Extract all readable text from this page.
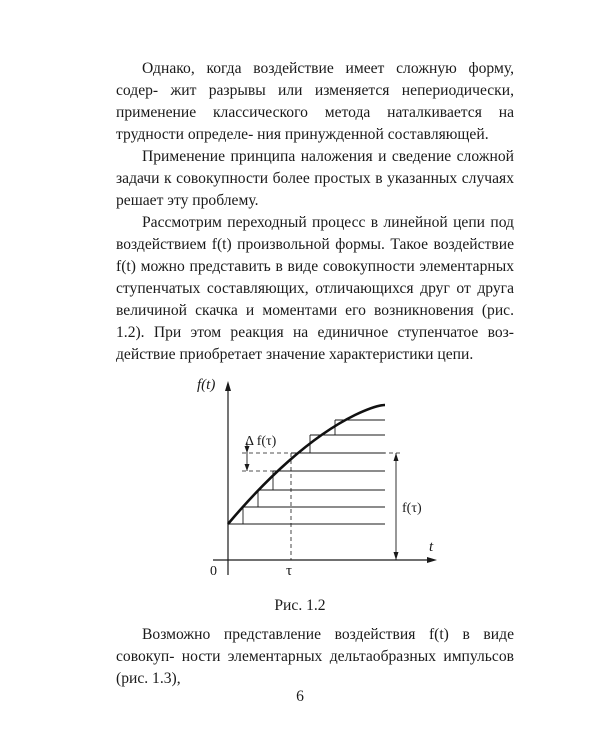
Однако, когда воздействие имеет сложную форму, содер- жит разрывы или изменяется непериодически, применение классического метода наталкивается на трудности определе- ния принужденной составляющей.

Применение принципа наложения и сведение сложной задачи к совокупности более простых в указанных случаях решает эту проблему.

Рассмотрим переходный процесс в линейной цепи под воздействием f(t) произвольной формы. Такое воздействие f(t) можно представить в виде совокупности элементарных ступенчатых составляющих, отличающихся друг от друга величиной скачка и моментами его возникновения (рис. 1.2). При этом реакция на единичное ступенчатое воз- действие приобретает значение характеристики цепи.

Δ f(τ)
f(τ)
f(t)
t
0	τ
Рис. 1.2

Возможно представление воздействия f(t) в виде совокуп- ности элементарных дельтаобразных импульсов (рис. 1.3),

6
